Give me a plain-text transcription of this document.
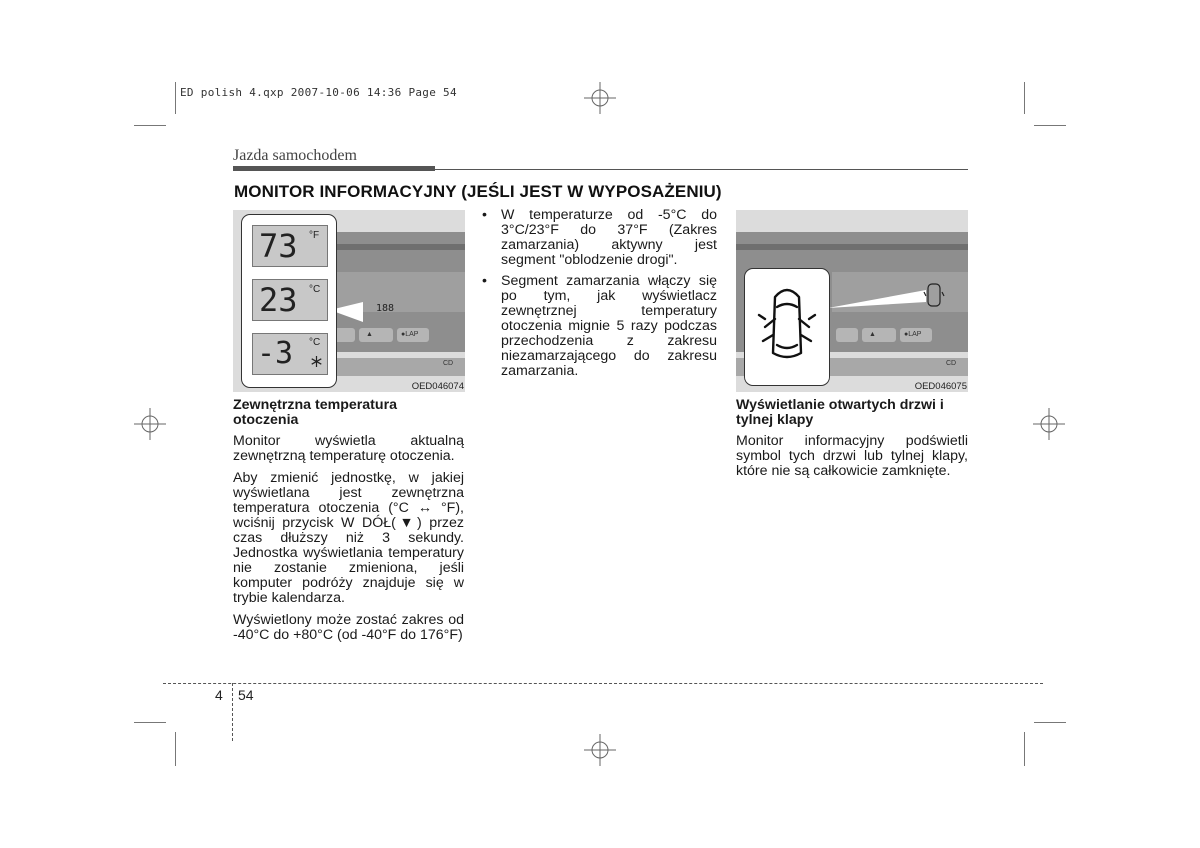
ED polish 4.qxp 2007-10-06 14:36 Page 54
Jazda samochodem
MONITOR INFORMACYJNY (JEŚLI JEST W WYPOSAŻENIU)
188
▲	●LAP
CD
73 °F
23 °C
-3 °C
OED046074
▲	●LAP
CD
OED046075
Zewnętrzna temperatura otoczenia

Monitor wyświetla aktualną zewnętrzną temperaturę otoczenia.

Aby zmienić jednostkę, w jakiej wyświetlana jest zewnętrzna temperatura otoczenia (°C ↔ °F), wciśnij przycisk W DÓŁ(▼) przez czas dłuższy niż 3 sekundy. Jednostka wyświetlania temperatury nie zostanie zmieniona, jeśli komputer podróży znajduje się w trybie kalendarza.

Wyświetlony może zostać zakres od -40°C do +80°C (od -40°F do 176°F)

• W temperaturze od -5°C do 3°C/23°F do 37°F (Zakres zamarzania) aktywny jest segment "oblodzenie drogi".
• Segment zamarzania włączy się po tym, jak wyświetlacz zewnętrznej temperatury otoczenia mignie 5 razy podczas przechodzenia z zakresu niezamarzającego do zakresu zamarzania.
Wyświetlanie otwartych drzwi i tylnej klapy

Monitor informacyjny podświetli symbol tych drzwi lub tylnej klapy, które nie są całkowicie zamknięte.

4 54
